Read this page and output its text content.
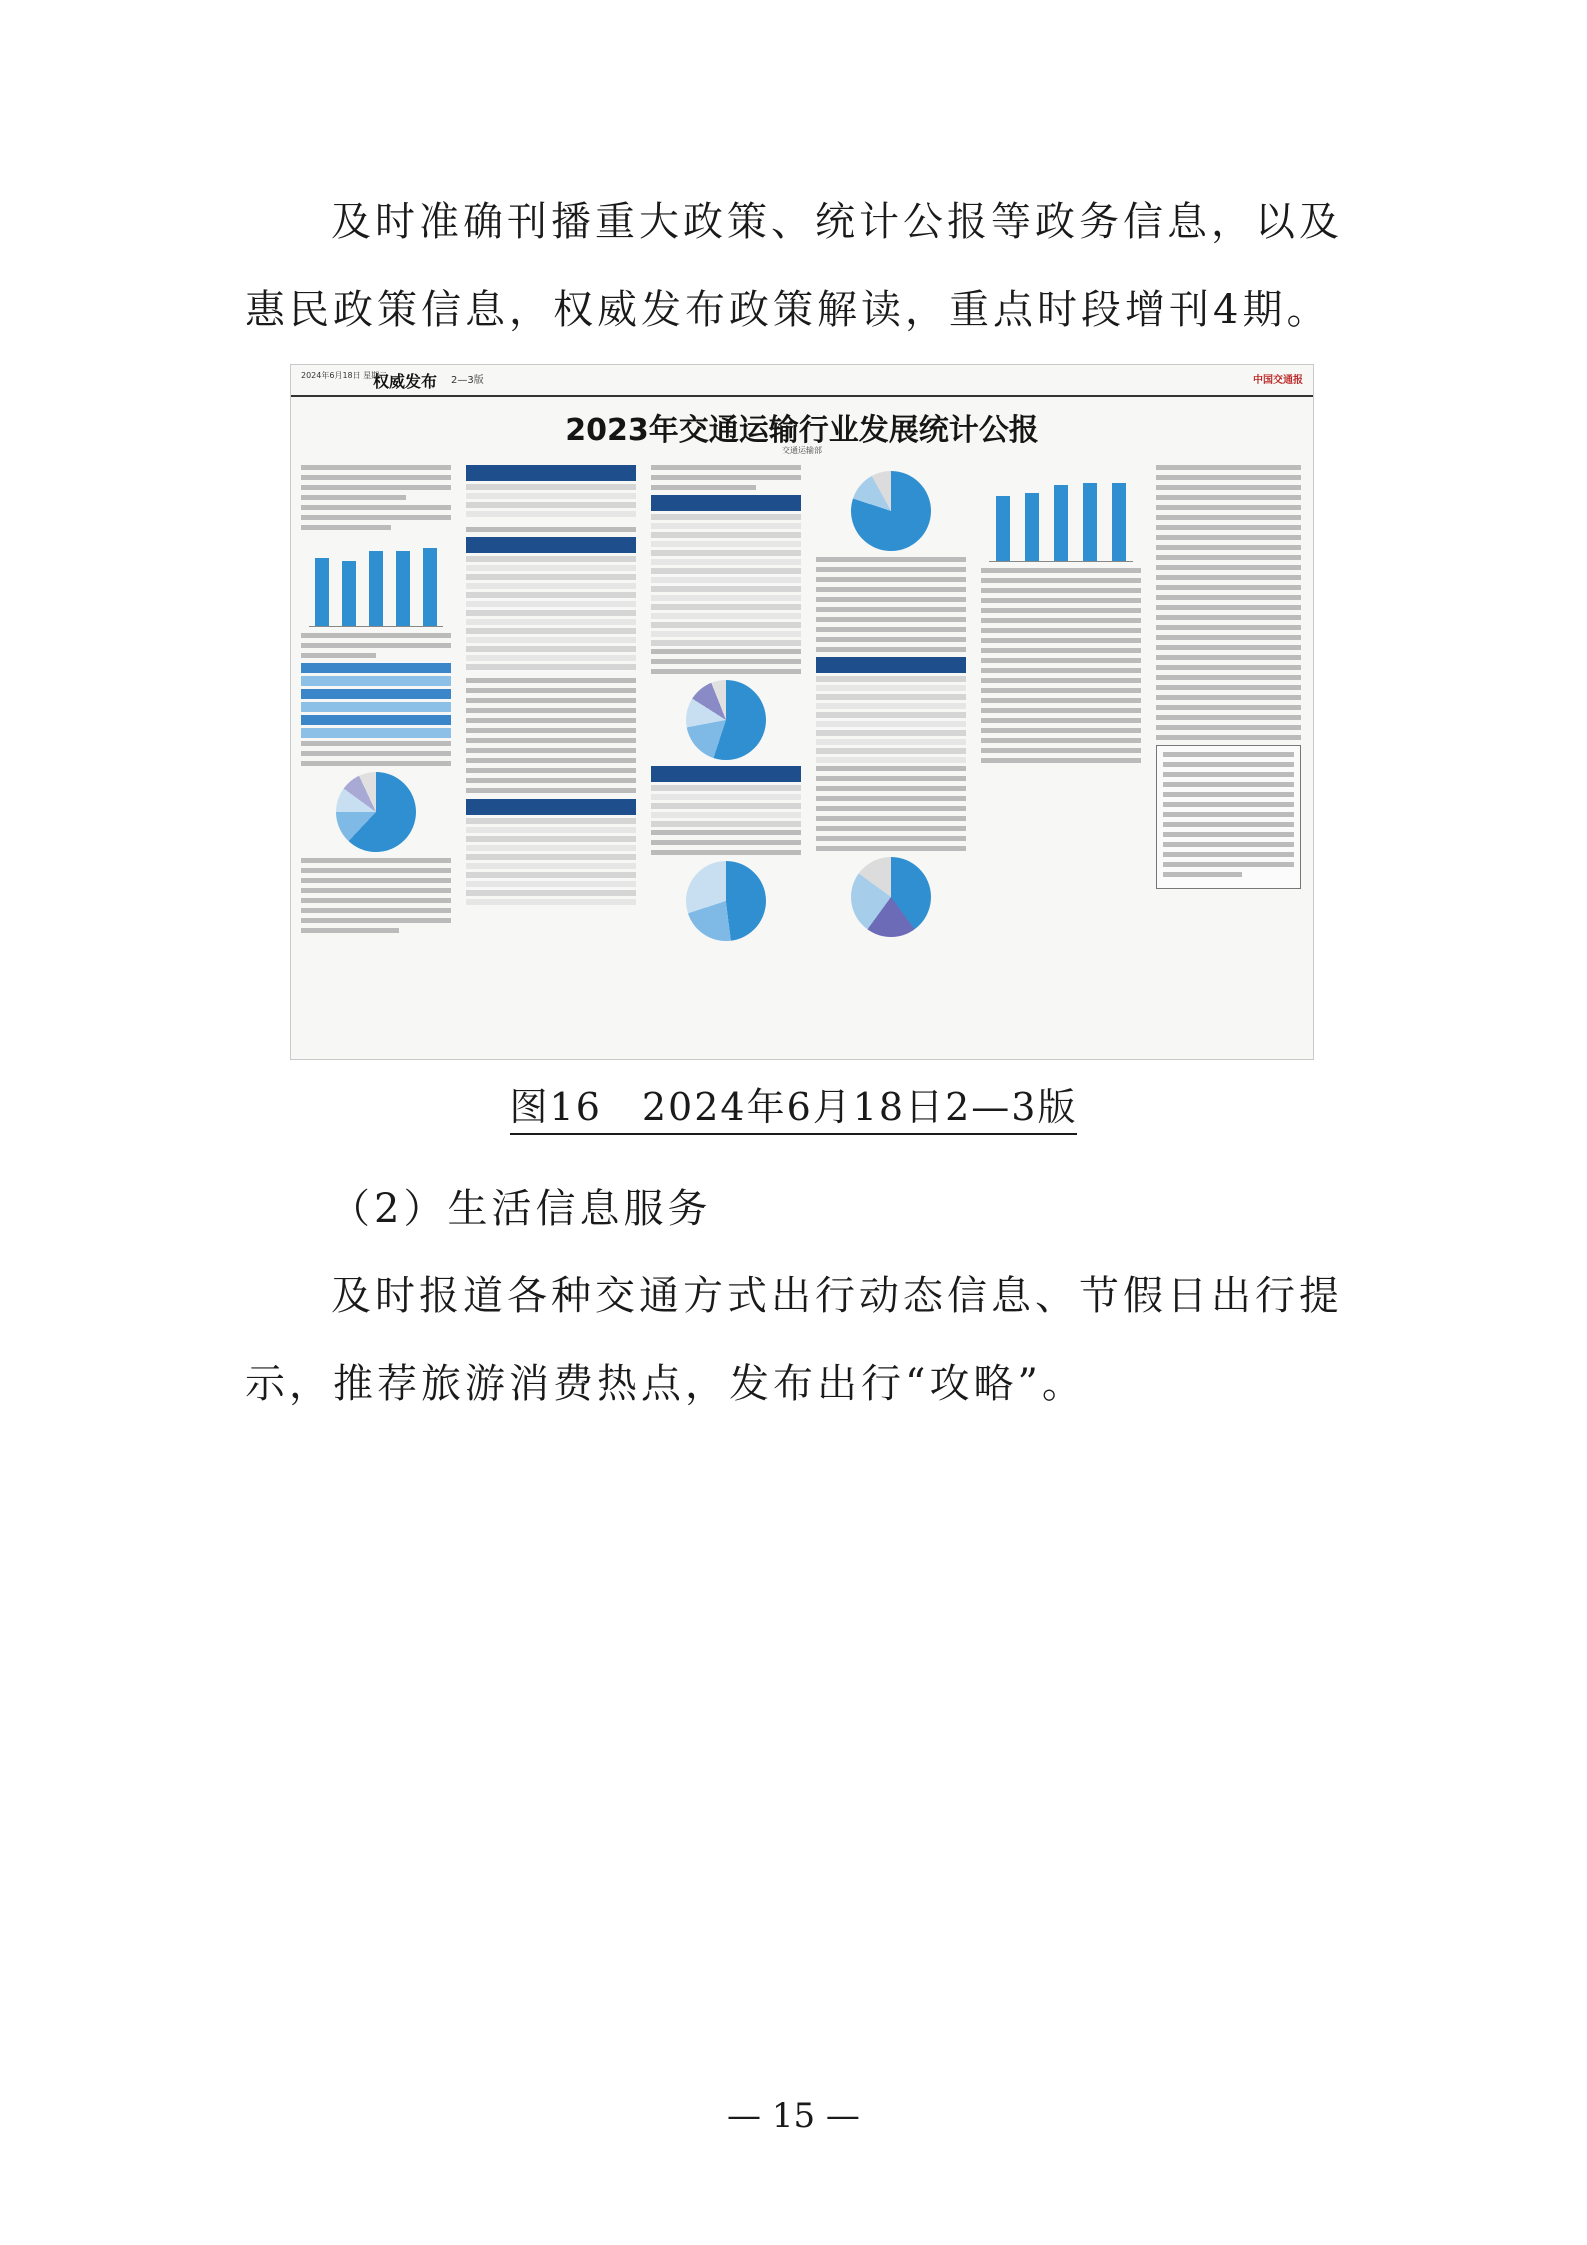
及时准确刊播重大政策、统计公报等政务信息，以及惠民政策信息，权威发布政策解读，重点时段增刊4期。

2024年6月18日 星期二
权威发布 2—3版	中国交通报
2023年交通运输行业发展统计公报
交通运输部
图16　2024年6月18日2—3版

（2）生活信息服务

及时报道各种交通方式出行动态信息、节假日出行提示，推荐旅游消费热点，发布出行“攻略”。

— 15 —
